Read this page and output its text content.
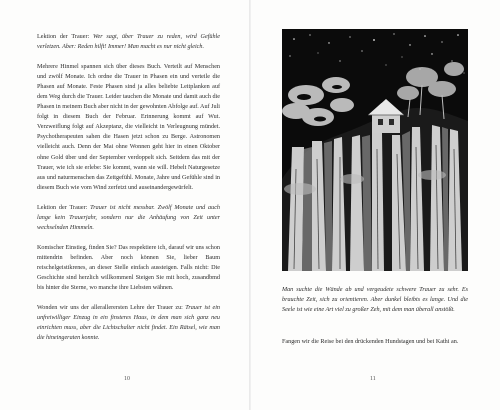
Lektion der Trauer: Wer sagt, über Trauer zu reden, wird Gefühle verletzen. Aber: Reden hilft! Immer! Man macht es nur nicht gleich.

Mehrere Hinmel spannen sich über dieses Buch. Verteilt auf Menschen und zwölf Monate. Ich ordne die Trauer in Phasen ein und verteile die Phasen auf Monate. Feste Phasen sind ja alles beliebte Leitplanken auf dem Weg durch die Trauer. Leider tauchen die Monate und damit auch die Phasen in meinem Buch aber nicht in der gewohnten Abfolge auf. Auf Juli folgt in diesem Buch der Februar. Erinnerung kommt auf Wut. Verzweiflung folgt auf Akzeptanz, die vielleicht in Verleugnung mündet. Psychotherapeuten sahen die Hasen jetzt schon zu Berge. Astronomen vielleicht auch. Denn der Mai ohne Wonnen geht hier in einen Oktober ohne Gold über und der September verdoppelt sich. Seitdem das mit der Trauer, wie ich sie erlebe: Sie kommt, wann sie will. Hebelt Naturgesetze aus und naturmenschen das Zeitgefühl. Monate, Jahre und Gefühle sind in diesem Buch wie vom Wind zerfetzt und auseinandergewürfelt.

Lektion der Trauer: Trauer ist nicht messbar. Zwölf Monate und auch lange kein Trauerjahr, sondern nur die Anhäufung von Zeit unter wechselnden Himmeln.

Komischer Einstieg, finden Sie? Das respektiere ich, darauf wir uns schon mittendrin befinden. Aber noch können Sie, lieber Baum reischelgeistikrenes, an dieser Stelle einfach aussteigen. Falls nicht: Die Geschichte sind herzlich willkommenl Steigen Sie mit hoch, zusandbmd bis hinter die Sterne, wo manche ihre Liebsten wähnen.

Wonden wir uns der allerallerersten Lehre der Trauer zu: Trauer ist ein unfreiwilliger Einzug in ein finsteres Haus, in dem man sich ganz neu einrichten muss, aber die Lichtschalter nicht findet. Ein Rätsel, wie man die hineingeraten konnte.

10

Man suchte die Wände ab und vergeudete schwere Trauer zu sehr. Es brauchte Zeit, sich zu orientieren. Aber dunkel bleibts es lange. Und die Seele ist wie eine Art viel zu großer Zeh, mit dem man überall anstößt.

Fangen wir die Reise bei den drückenden Hundstagen und bei Kathi an.

11
